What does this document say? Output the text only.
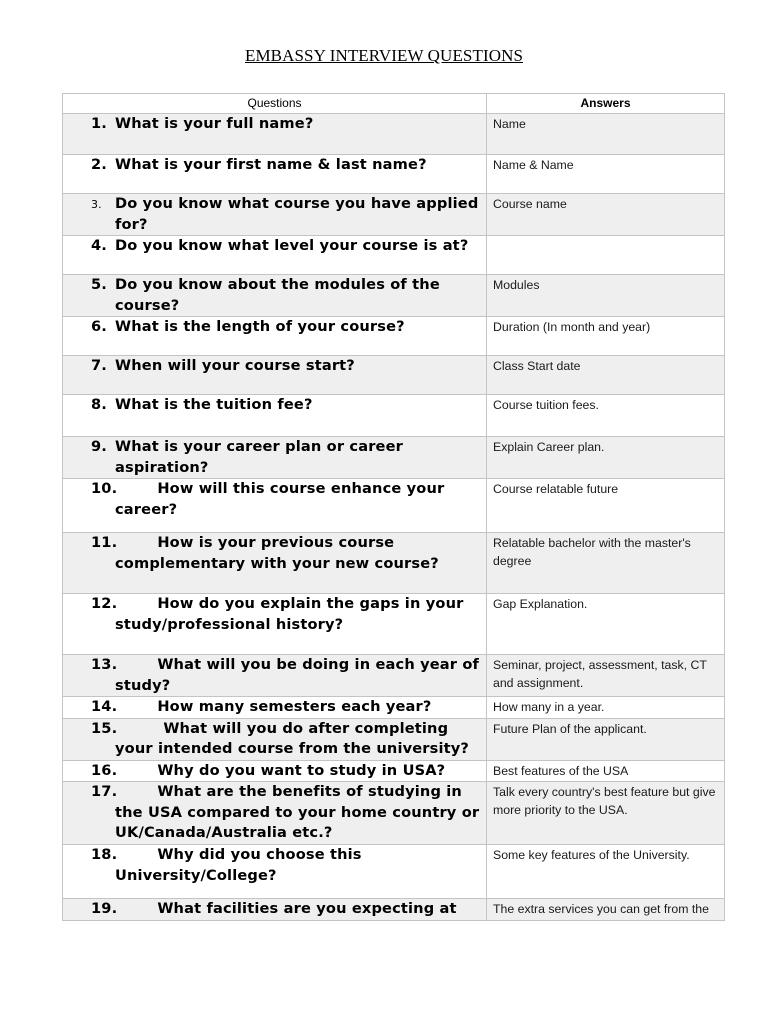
EMBASSY INTERVIEW QUESTIONS
Questions	Answers

1. What is your full name?	Name

2. What is your first name & last name?	Name & Name

3. Do you know what course you have applied for?	Course name

4. Do you know what level your course is at?	

5. Do you know about the modules of the course?	Modules

6. What is the length of your course?	Duration (In month and year)

7. When will your course start?	Class Start date

8. What is the tuition fee?	Course tuition fees.

9. What is your career plan or career aspiration?	Explain Career plan.

10. How will this course enhance your career?	Course relatable future

11. How is your previous course complementary with your new course?	Relatable bachelor with the master's degree

12. How do you explain the gaps in your study/professional history?	Gap Explanation.

13. What will you be doing in each year of study?	Seminar, project, assessment, task, CT and assignment.

14. How many semesters each year?	How many in a year.

15. What will you do after completing your intended course from the university?	Future Plan of the applicant.

16. Why do you want to study in USA?	Best features of the USA

17. What are the benefits of studying in the USA compared to your home country or UK/Canada/Australia etc.?	Talk every country's best feature but give more priority to the USA.

18. Why did you choose this University/College?	Some key features of the University.

19. What facilities are you expecting at	The extra services you can get from the
